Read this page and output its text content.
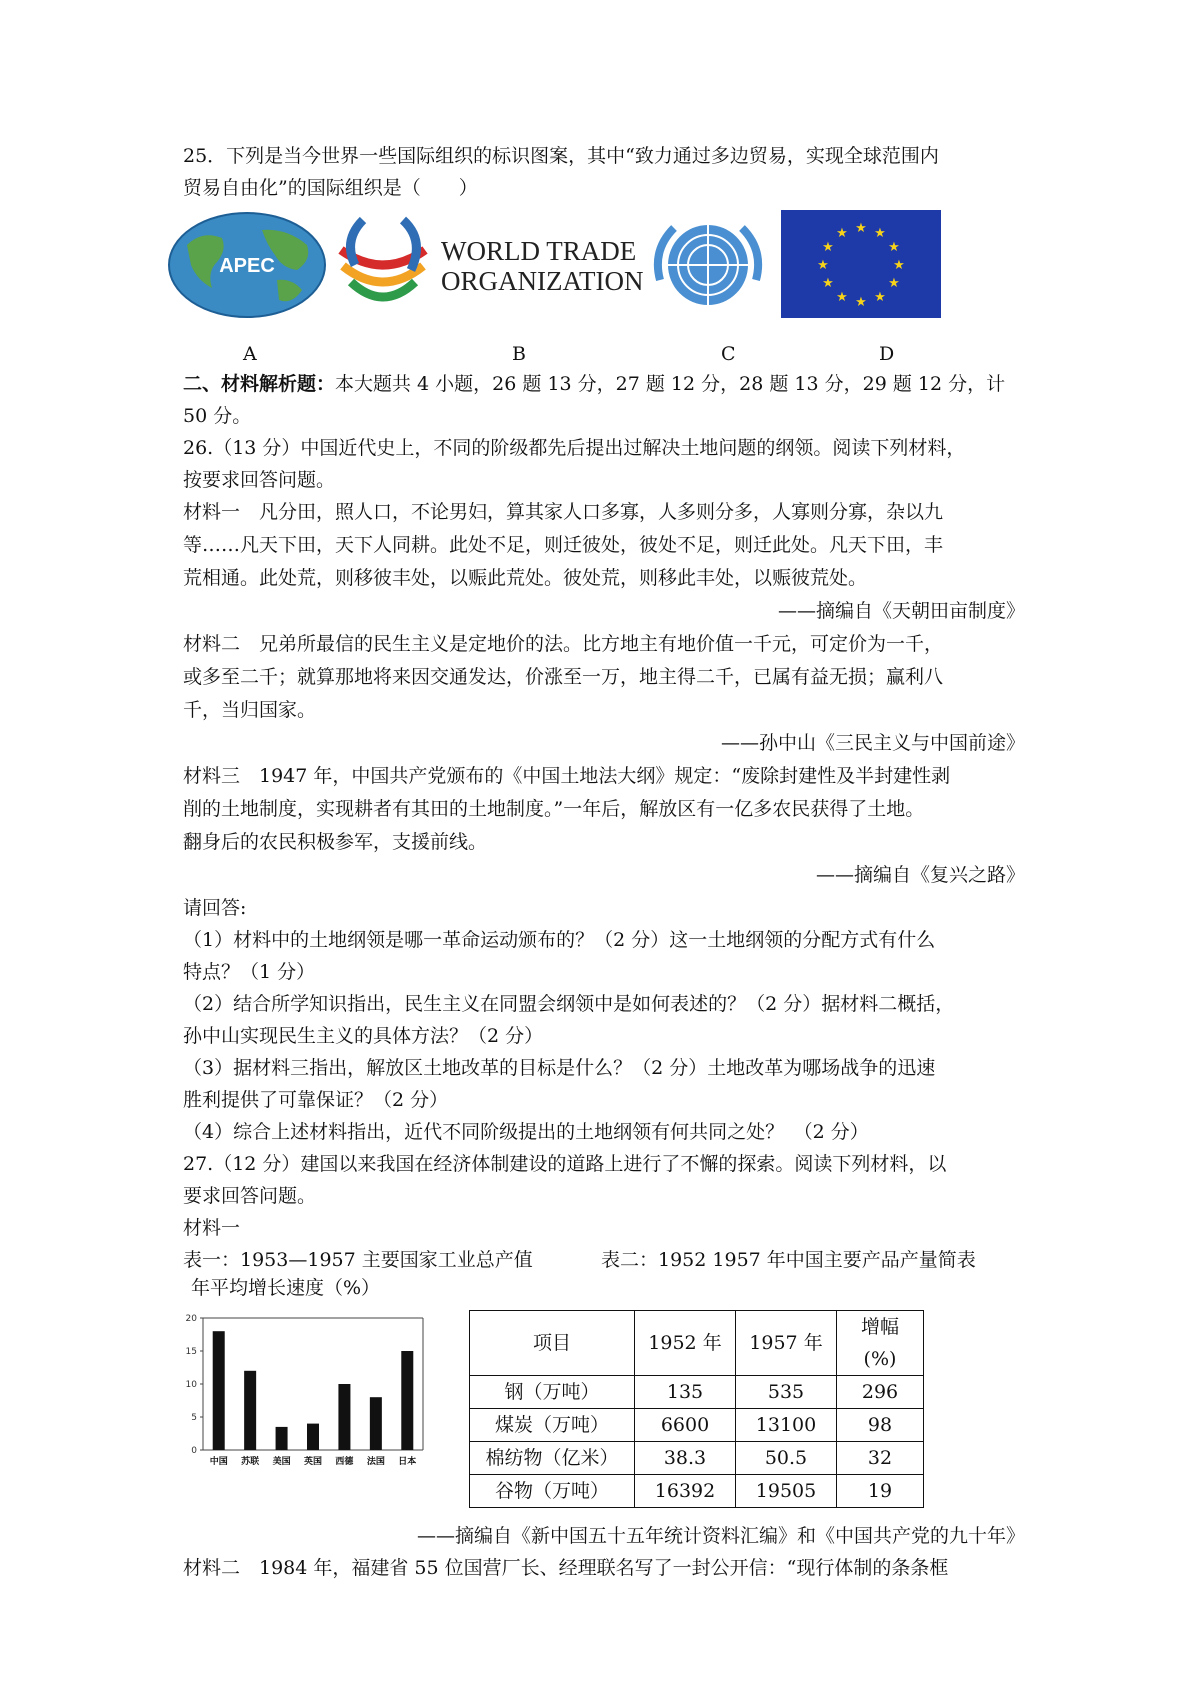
25．下列是当今世界一些国际组织的标识图案，其中“致力通过多边贸易，实现全球范围内
贸易自由化”的国际组织是（　　）
APEC	WORLD TRADE
ORGANIZATION
★ ★
★
★
★
★
★
★
★
★
★
★
A	B	C	D
二、材料解析题：本大题共 4 小题，26 题 13 分，27 题 12 分，28 题 13 分，29 题 12 分，计
50 分。
26.（13 分）中国近代史上，不同的阶级都先后提出过解决土地问题的纲领。阅读下列材料，
按要求回答问题。
材料一　凡分田，照人口，不论男妇，算其家人口多寡，人多则分多，人寡则分寡，杂以九
等……凡天下田，天下人同耕。此处不足，则迁彼处，彼处不足，则迁此处。凡天下田，丰
荒相通。此处荒，则移彼丰处，以赈此荒处。彼处荒，则移此丰处，以赈彼荒处。
——摘编自《天朝田亩制度》
材料二　兄弟所最信的民生主义是定地价的法。比方地主有地价值一千元，可定价为一千，
或多至二千；就算那地将来因交通发达，价涨至一万，地主得二千，已属有益无损；赢利八
千，当归国家。
——孙中山《三民主义与中国前途》
材料三　1947 年，中国共产党颁布的《中国土地法大纲》规定：“废除封建性及半封建性剥
削的土地制度，实现耕者有其田的土地制度。”一年后，解放区有一亿多农民获得了土地。
翻身后的农民积极参军，支援前线。
——摘编自《复兴之路》
请回答:
（1）材料中的土地纲领是哪一革命运动颁布的？（2 分）这一土地纲领的分配方式有什么
特点？（1 分）
（2）结合所学知识指出，民生主义在同盟会纲领中是如何表述的？（2 分）据材料二概括，
孙中山实现民生主义的具体方法？（2 分）
（3）据材料三指出，解放区土地改革的目标是什么？（2 分）土地改革为哪场战争的迅速
胜利提供了可靠保证？（2 分）
（4）综合上述材料指出，近代不同阶级提出的土地纲领有何共同之处？　（2 分）
27.（12 分）建国以来我国在经济体制建设的道路上进行了不懈的探索。阅读下列材料，以
要求回答问题。
材料一
表一：1953—1957 主要国家工业总产值	表二：1952 1957 年中国主要产品产量简表
年平均增长速度（%）
0
5
10
15
20
中国 苏联 美国 英国 西德 法国 日本
项目	1952 年	1957 年	增幅(%)
钢（万吨）	135	535	296
煤炭（万吨）	6600	13100	98
棉纺物（亿米）	38.3	50.5	32
谷物（万吨）	16392	19505	19
——摘编自《新中国五十五年统计资料汇编》和《中国共产党的九十年》
材料二　1984 年，福建省 55 位国营厂长、经理联名写了一封公开信：“现行体制的条条框
